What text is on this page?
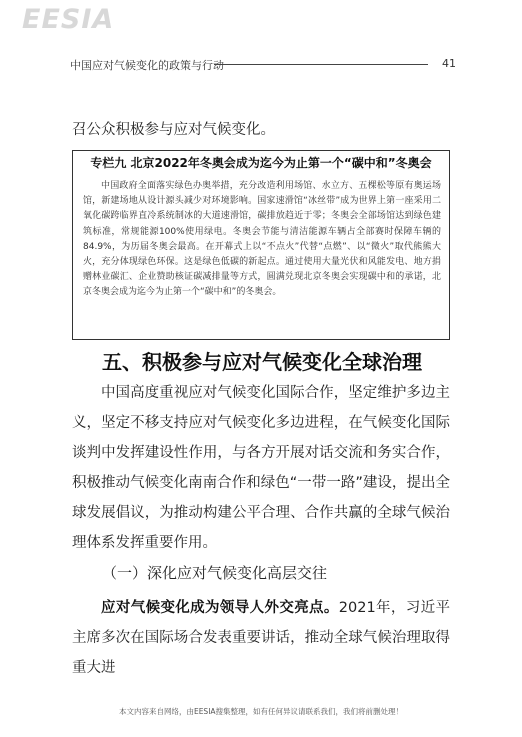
EESIA
中国应对气候变化的政策与行动	41
召公众积极参与应对气候变化。
专栏九 北京2022年冬奥会成为迄今为止第一个“碳中和”冬奥会
中国政府全面落实绿色办奥举措，充分改造利用场馆、水立方、五棵松等原有奥运场馆，新建场地从设计源头减少对环境影响。国家速滑馆“冰丝带”成为世界上第一座采用二氧化碳跨临界直冷系统制冰的大道速滑馆，碳排放趋近于零；冬奥会全部场馆达到绿色建筑标准，常规能源100%使用绿电。冬奥会节能与清洁能源车辆占全部赛时保障车辆的84.9%，为历届冬奥会最高。在开幕式上以“不点火”代替“点燃”、以“微火”取代熊熊大火，充分体现绿色环保。这是绿色低碳的新起点。通过使用大量光伏和风能发电、地方捐赠林业碳汇、企业赞助核证碳减排量等方式，圆满兑现北京冬奥会实现碳中和的承诺，北京冬奥会成为迄今为止第一个“碳中和”的冬奥会。
五、积极参与应对气候变化全球治理
中国高度重视应对气候变化国际合作，坚定维护多边主义，坚定不移支持应对气候变化多边进程，在气候变化国际谈判中发挥建设性作用，与各方开展对话交流和务实合作，积极推动气候变化南南合作和绿色“一带一路”建设，提出全球发展倡议，为推动构建公平合理、合作共赢的全球气候治理体系发挥重要作用。
（一）深化应对气候变化高层交往
应对气候变化成为领导人外交亮点。2021年，习近平主席多次在国际场合发表重要讲话，推动全球气候治理取得重大进
本文内容来自网络，由EESIA搜集整理，如有任何异议请联系我们，我们将前删处理！
